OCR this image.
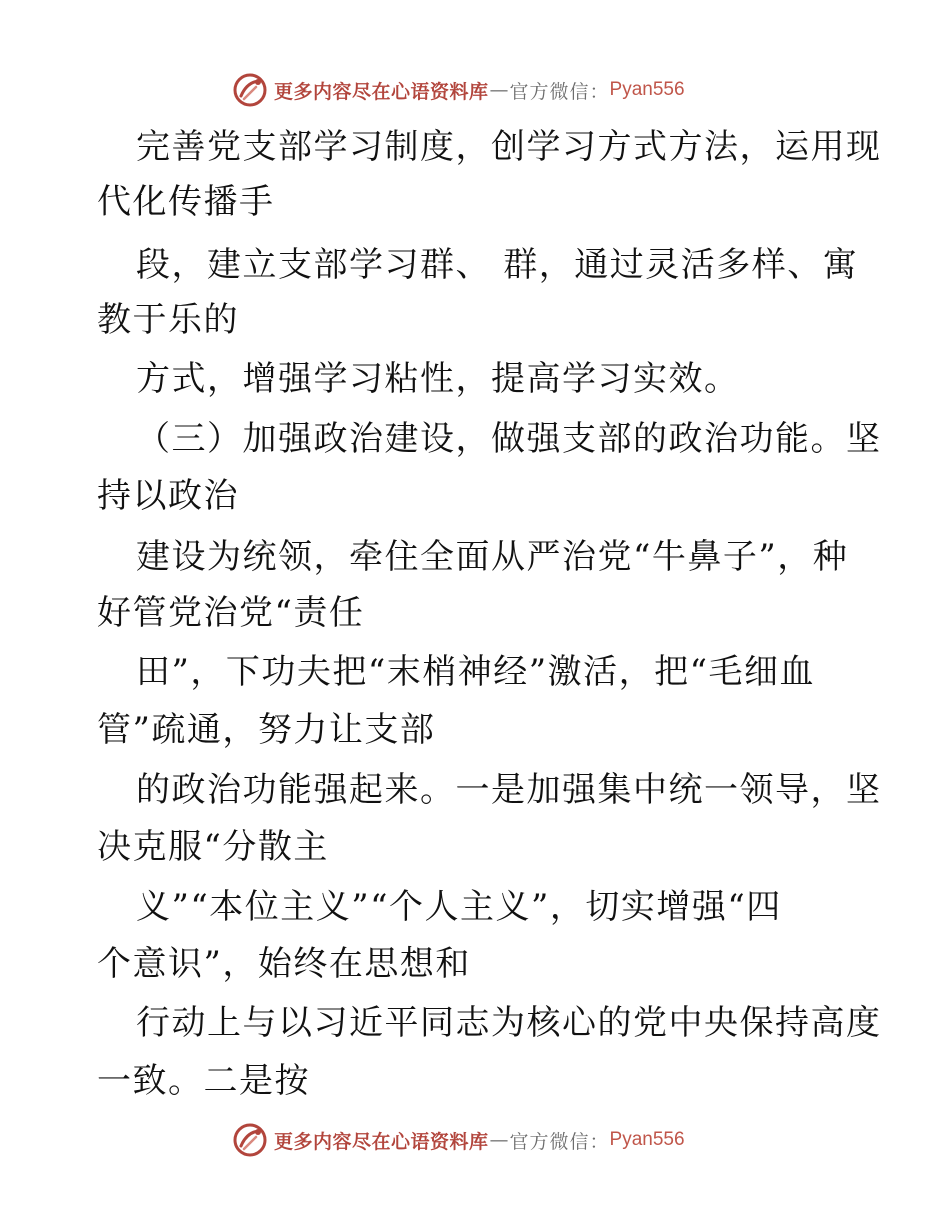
更多内容尽在心语资料库 — 官方微信： Pyan556
完善党支部学习制度，创学习方式方法，运用现
代化传播手
段，建立支部学习群、 群，通过灵活多样、寓
教于乐的
方式，增强学习粘性，提高学习实效。
（三）加强政治建设，做强支部的政治功能。坚
持以政治
建设为统领，牵住全面从严治党“牛鼻子”，种
好管党治党“责任
田”，下功夫把“末梢神经”激活，把“毛细血
管”疏通，努力让支部
的政治功能强起来。一是加强集中统一领导，坚
决克服“分散主
义”“本位主义”“个人主义”，切实增强“四
个意识”，始终在思想和
行动上与以习近平同志为核心的党中央保持高度
一致。二是按
更多内容尽在心语资料库 — 官方微信： Pyan556
